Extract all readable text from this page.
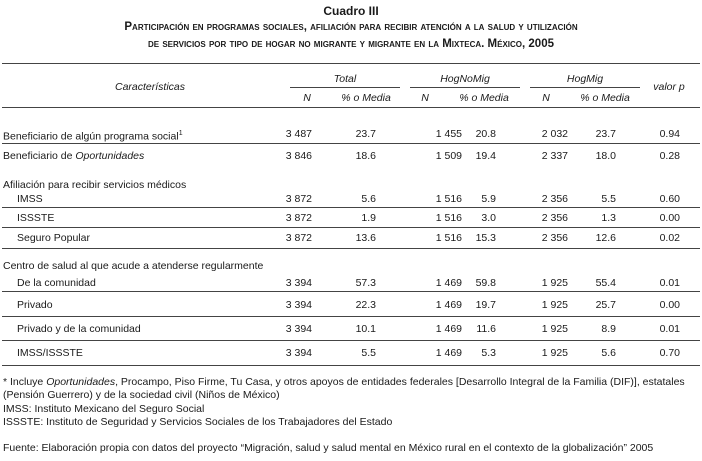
Cuadro III
Participación en programas sociales, afiliación para recibir atención a la salud y utilización
de servicios por tipo de hogar no migrante y migrante en la Mixteca. México, 2005
Características
Total	HogNoMig	HogMig
valor p
N	% o Media	N	% o Media	N	% o Media
Beneficiario de algún programa social$^1$	3 487	23.7	1 455	20.8	2 032	23.7	0.94
Beneficiario de Oportunidades	3 846	18.6	1 509	19.4	2 337	18.0	0.28
Afiliación para recibir servicios médicos
IMSS	3 872	5.6	1 516	5.9	2 356	5.5	0.60
ISSSTE	3 872	1.9	1 516	3.0	2 356	1.3	0.00
Seguro Popular	3 872	13.6	1 516	15.3	2 356	12.6	0.02
Centro de salud al que acude a atenderse regularmente
De la comunidad	3 394	57.3	1 469	59.8	1 925	55.4	0.01
Privado	3 394	22.3	1 469	19.7	1 925	25.7	0.00
Privado y de la comunidad	3 394	10.1	1 469	11.6	1 925	8.9	0.01
IMSS/ISSSTE	3 394	5.5	1 469	5.3	1 925	5.6	0.70
* Incluye Oportunidades, Procampo, Piso Firme, Tu Casa, y otros apoyos de entidades federales [Desarrollo Integral de la Familia (DIF)], estatales (Pensión Guerrero) y de la sociedad civil (Niños de México)
IMSS: Instituto Mexicano del Seguro Social
ISSSTE: Instituto de Seguridad y Servicios Sociales de los Trabajadores del Estado
Fuente: Elaboración propia con datos del proyecto “Migración, salud y salud mental en México rural en el contexto de la globalización” 2005
